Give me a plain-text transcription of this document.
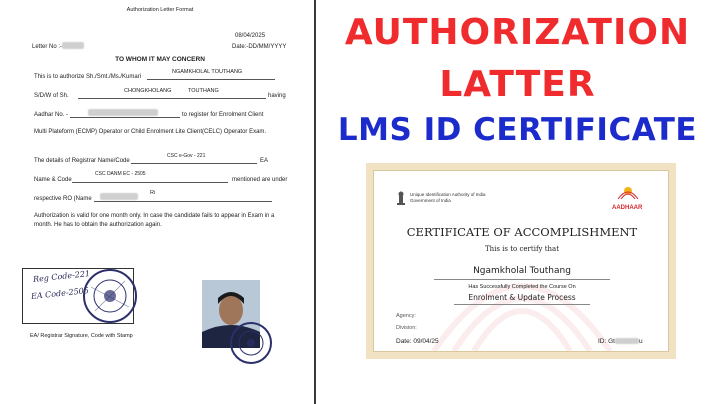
Authorization Letter Format
08/04/2025
Letter No :-	Date:-DD/MM/YYYY
TO WHOM IT MAY CONCERN
This is to authorize Sh./Smt./Ms./Kumari
NGAMKHOLAL TOUTHANG
S/D/W of Sh.
CHONGKHOLANG	TOUTHANG
having
Aadhar No. -	to register for Enrolment Client
Multi Plateform (ECMP) Operator or Child Enrolment Lite Client(CELC) Operator Exam.
The details of Registrar Name/Code
CSC e-Gov - 221
EA
Name & Code
CSC DANM EC - 2505
mentioned are under
respective RO (Name
Ri
Authorization is valid for one month only. In case the candidate fails to appear in Exam in a
month. He has to obtain the authorization again.
Reg Code-221
EA Code-2505
EA/ Registrar Signature, Code with Stamp
AUTHORIZATION
LATTER
LMS ID CERTIFICATE
Unique Identification Authority of India
Government of India
AADHAAR
CERTIFICATE OF ACCOMPLISHMENT
This is to certify that
Ngamkholal Touthang
Has Successfully Completed the Course On
Enrolment & Update Process
Agency:
Division:
Date: 09/04/25	ID: Gt	u
